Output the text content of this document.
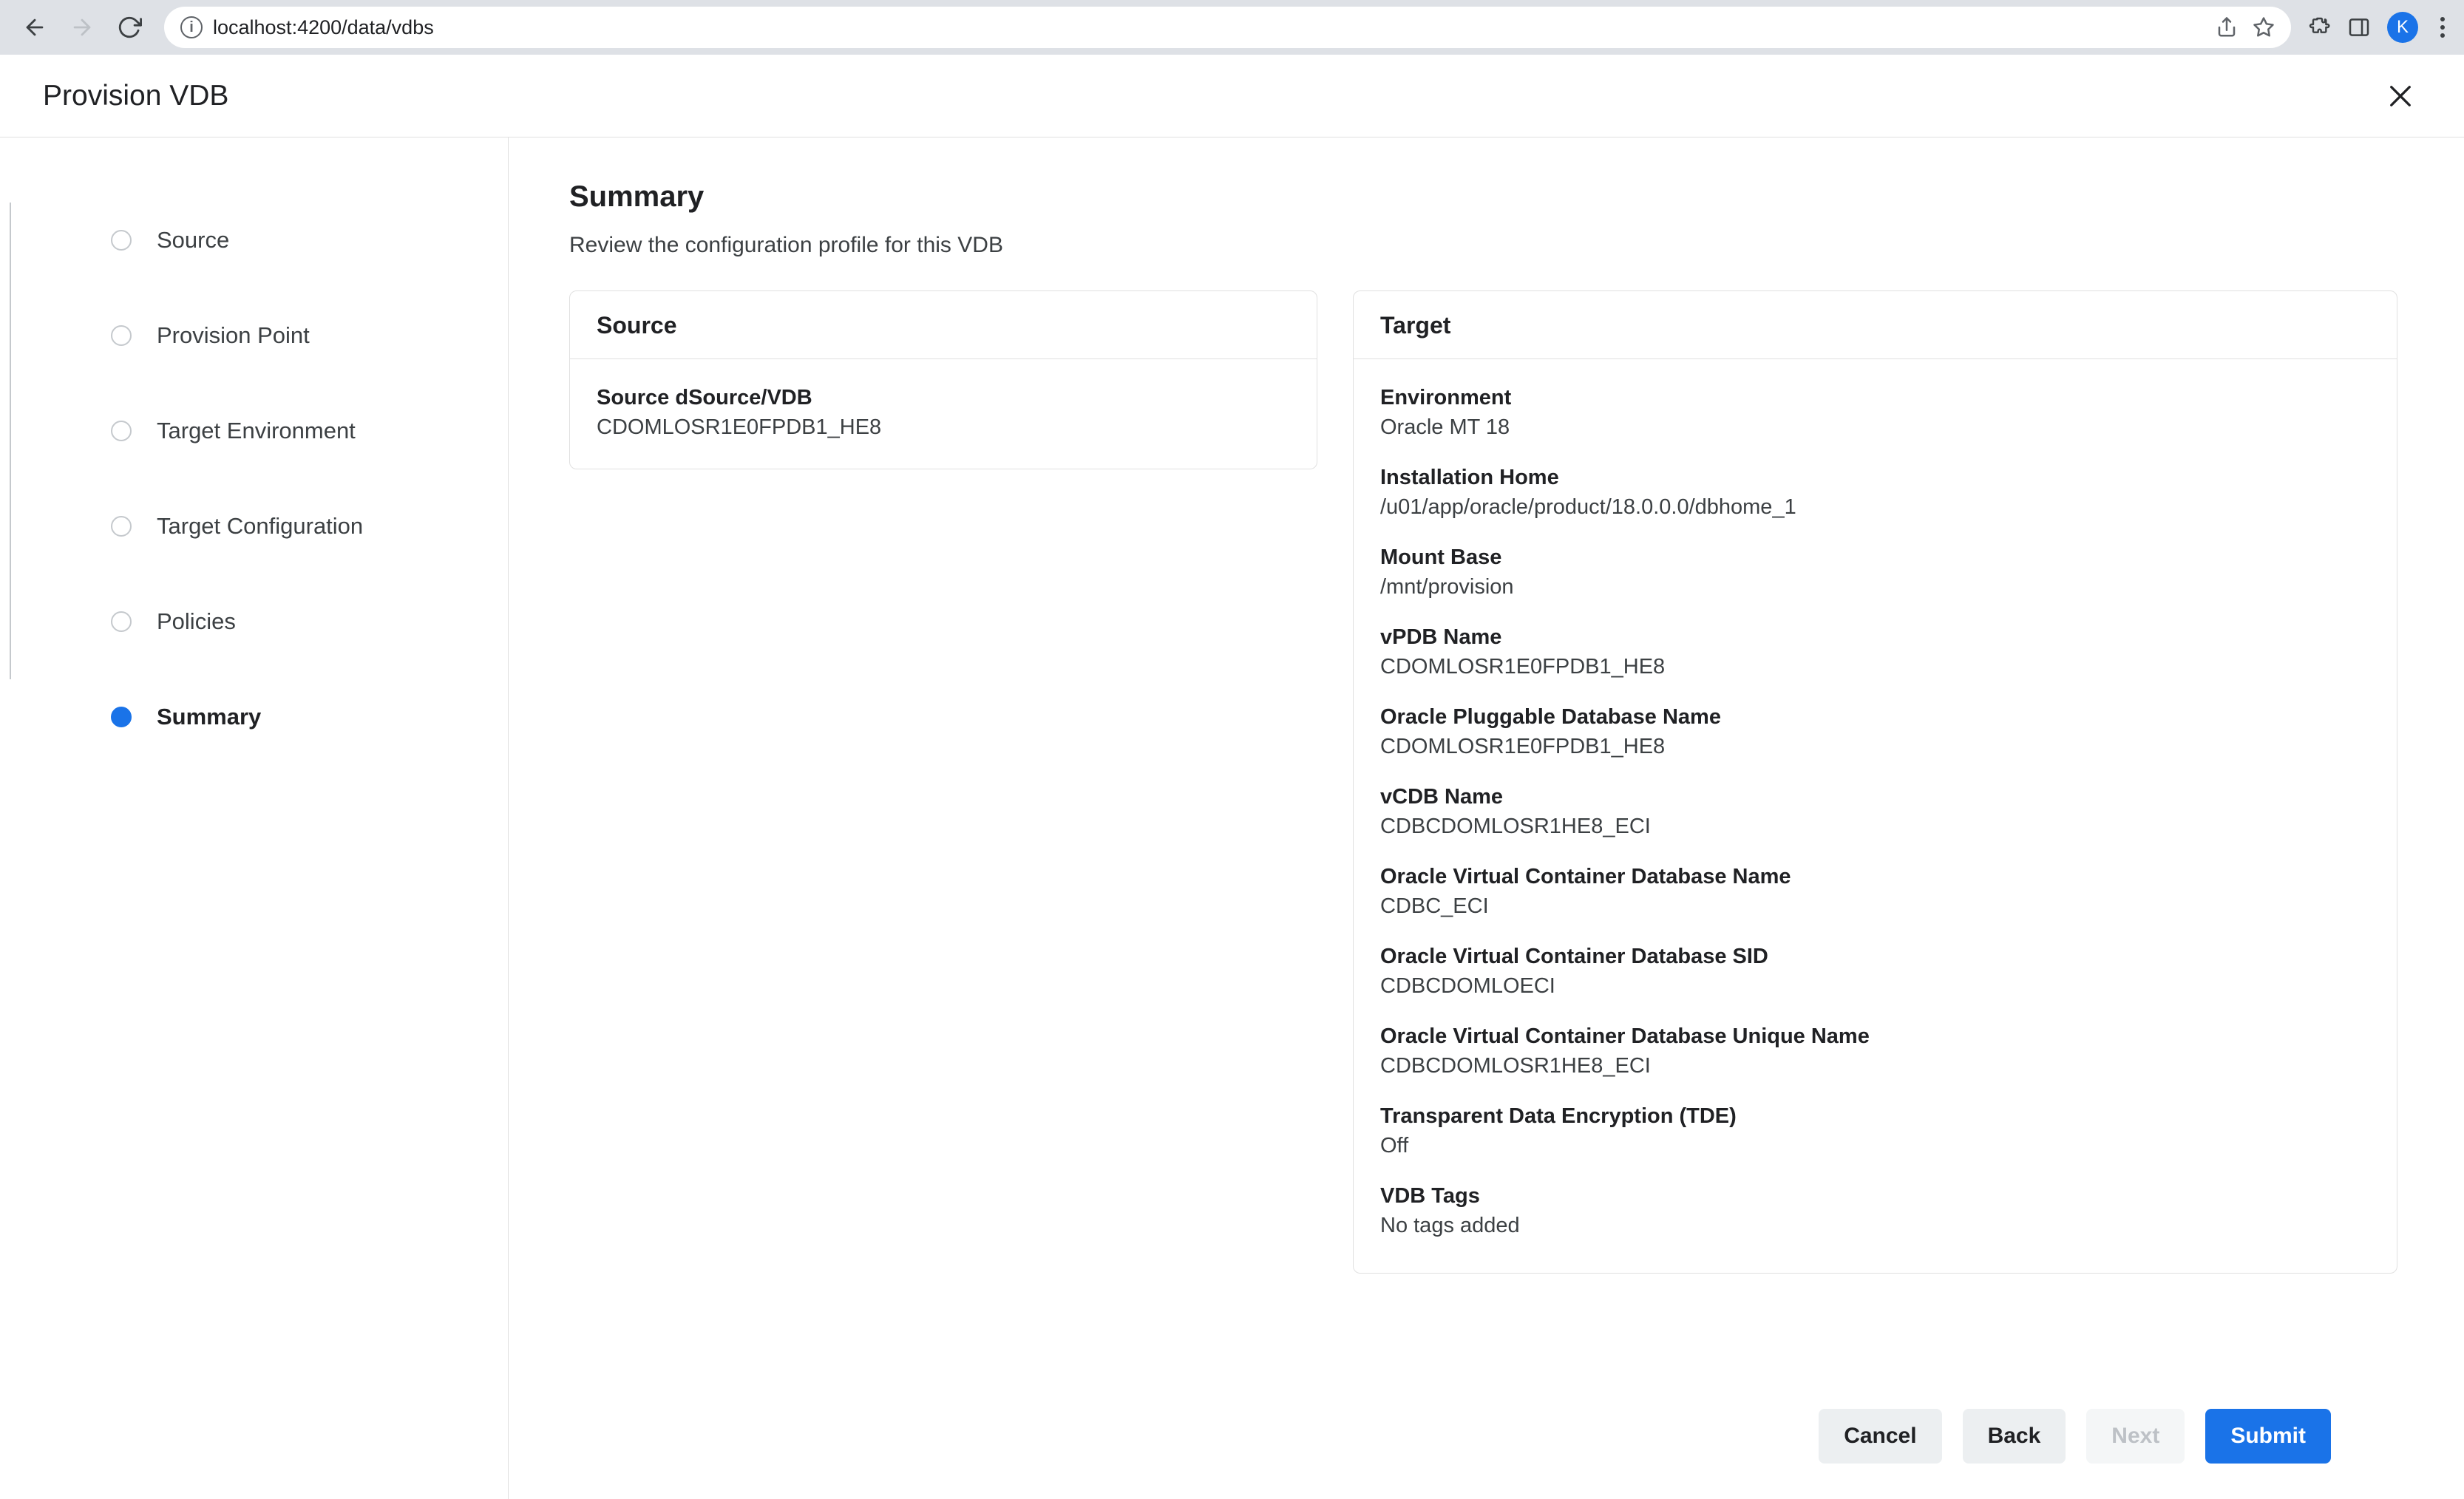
i localhost:4200/data/vdbs	K
Provision VDB
Source
Provision Point
Target Environment
Target Configuration
Policies
Summary
Summary
Review the configuration profile for this VDB
Source
Source dSource/VDB
CDOMLOSR1E0FPDB1_HE8
Target
Environment
Oracle MT 18
Installation Home
/u01/app/oracle/product/18.0.0.0/dbhome_1
Mount Base
/mnt/provision
vPDB Name
CDOMLOSR1E0FPDB1_HE8
Oracle Pluggable Database Name
CDOMLOSR1E0FPDB1_HE8
vCDB Name
CDBCDOMLOSR1HE8_ECI
Oracle Virtual Container Database Name
CDBC_ECI
Oracle Virtual Container Database SID
CDBCDOMLOECI
Oracle Virtual Container Database Unique Name
CDBCDOMLOSR1HE8_ECI
Transparent Data Encryption (TDE)
Off
VDB Tags
No tags added
Cancel	Back	Next	Submit
